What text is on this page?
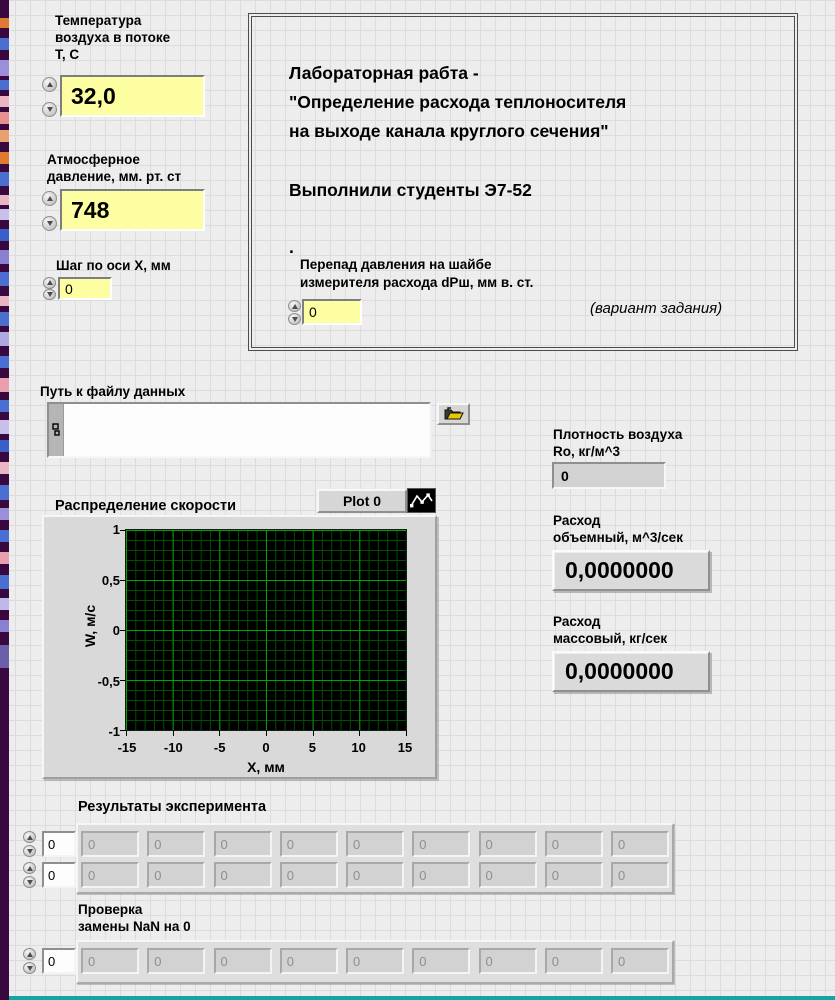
Температура
воздуха в потоке
Т, С
32,0
Атмосферное
давление, мм. рт. ст
748
Шаг по оси X, мм
0
Лабораторная рабта -
"Определение расхода теплоносителя
на выходе канала круглого сечения"
Выполнили студенты Э7-52
.
Перепад давления на шайбе
измерителя расхода dPш, мм в. ст.
0	(вариант задания)
Путь к файлу данных
Плотность воздуха
Ro, кг/м^3
0
Распределение скорости	Plot 0
1
0,5
0
-0,5
-1
-15	-10	-5	0	5	10	15
W, м/с
X, мм
Расход
объемный, м^3/сек
0,0000000
Расход
массовый, кг/сек
0,0000000
Результаты эксперимента
0	0	0	0	0	0	0	0	0	0
0	0	0	0	0	0	0	0	0	0
Проверка
замены NaN на 0
0	0	0	0	0	0	0	0	0	0
